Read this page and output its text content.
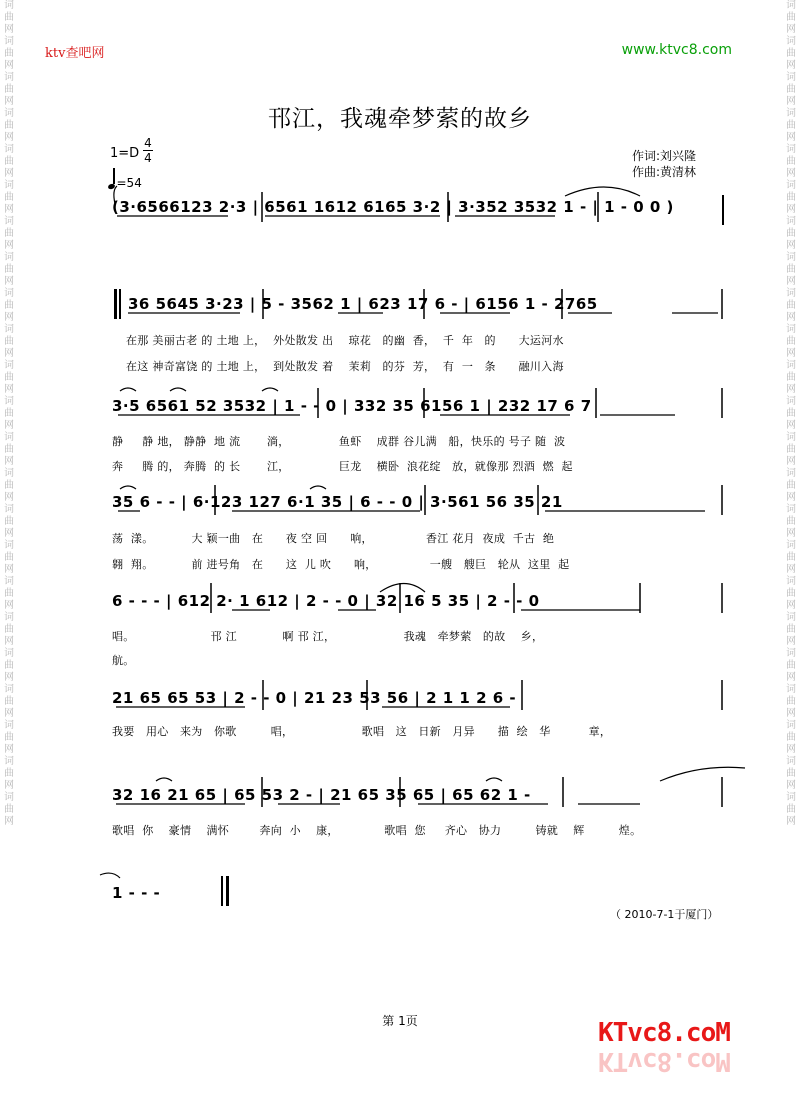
词
曲
网
词
曲
网
词
曲
网
词
曲
网
词
曲
网
词
曲
网
词
曲
网
词
曲
网
词
曲
网
词
曲
网
词
曲
网
词
曲
网
词
曲
网
词
曲
网
词
曲
网
词
曲
网
词
曲
网
词
曲
网
词
曲
网
词
曲
网
词
曲
网
词
曲
网
词
曲
网
词
曲
网
词
曲
网
词
曲
网
词
曲
网
词
曲
网
词
曲
网
词
曲
网
词
曲
网
词
曲
网
词
曲
网
词
曲
网
词
曲
网
词
曲
网
词
曲
网
词
曲
网
词
曲
网
词
曲
网
词
曲
网
词
曲
网
词
曲
网
词
曲
网
词
曲
网
词
曲
网
ktv查吧网	www.ktvc8.com
邗江，我魂牵梦萦的故乡
1=D
4
4
=54
作词:刘兴隆
作曲:黄清林
(3·6566123 2·3 | 6561 1612 6165 3·2 | 3·352 3532 1 - | 1 - 0 0 )
36 5645 3·23 | 5 - 3562 1 | 623 17 6 - | 6156 1 - 2765
在那 美丽古老 的 土地 上，  外处散发 出    琼花   的幽  香，  千  年   的      大运河水
在这 神奇富饶 的 土地 上，  到处散发 着    茉莉   的芬  芳，  有  一   条      融川入海
3·5 6561 52 3532 | 1 - - 0 | 332 35 6156 1 | 232 17 6 7
静     静 地， 静静  地 流       淌，             鱼虾    成群 谷儿满   船，快乐的 号子 随  波
奔     腾 的， 奔腾  的 长       江，             巨龙    横卧  浪花绽   放，就像那 烈酒  燃  起
35 6 - - | 6·123 127 6·1 35 | 6 - - 0 | 3·561 56 35 21
荡  漾。          大 颖一曲   在      夜 空 回      响，              香江 花月  夜成  千古  绝
翱  翔。          前 进号角   在      这  儿 吹      响，              一艘   艘巨   轮从  这里  起
6 - - - | 612 2· 1 612 | 2 - - 0 | 32 16 5 35 | 2 - - 0
唱。                    邗 江            啊 邗 江，                  我魂   牵梦萦   的故    乡，
航。
21 65 65 53 | 2 - - 0 | 21 23 53 56 | 2 1 1 2 6 -
我要   用心   来为   你歌         唱，                  歌唱   这   日新   月异      描  绘   华          章，
32 16 21 65 | 65 53 2 - | 21 65 35 65 | 65 62 1 -
歌唱  你    豪情    满怀        奔向  小    康，            歌唱  您     齐心   协力         铸就    辉         煌。
1 - - -
（ 2010-7-1于厦门）
第 1页	KTvc8.coM
KTvc8.coM
